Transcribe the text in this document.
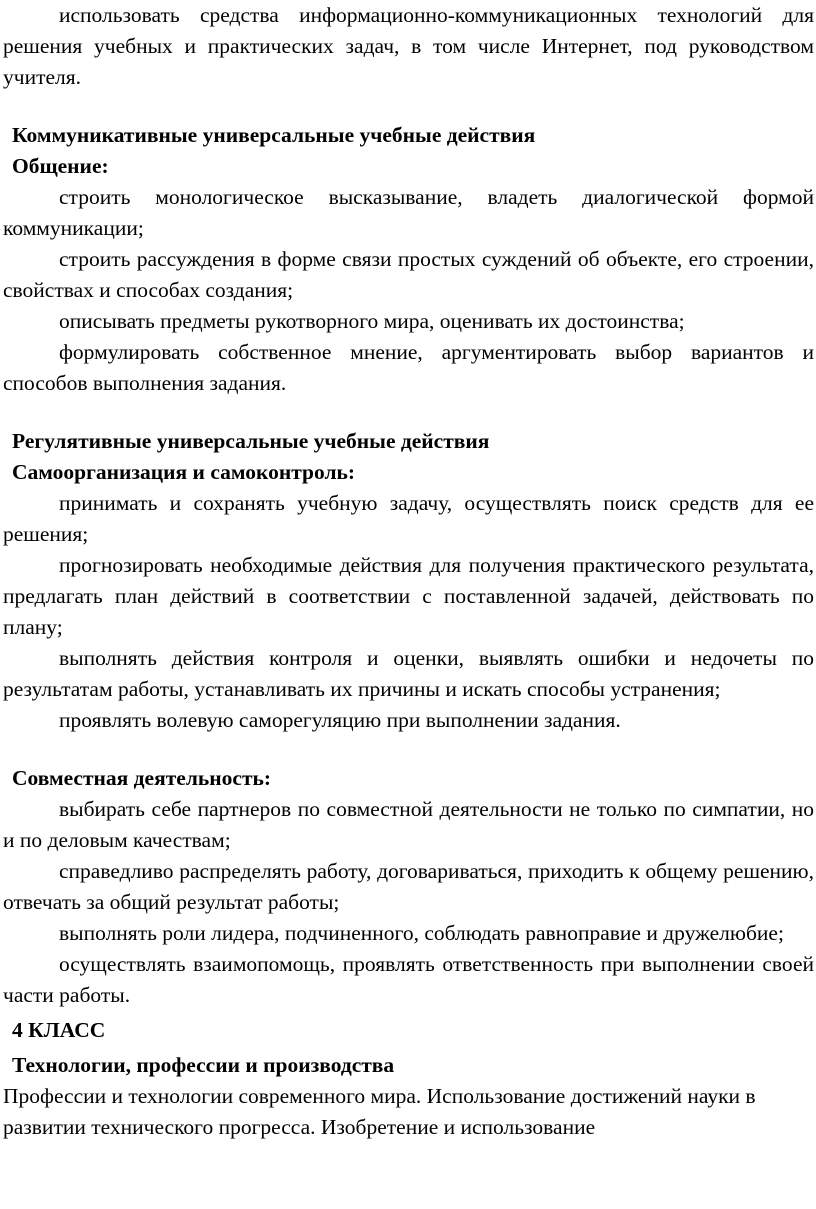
использовать средства информационно-коммуникационных технологий для решения учебных и практических задач, в том числе Интернет, под руководством учителя.

Коммуникативные универсальные учебные действия

Общение:

строить монологическое высказывание, владеть диалогической формой коммуникации;

строить рассуждения в форме связи простых суждений об объекте, его строении, свойствах и способах создания;

описывать предметы рукотворного мира, оценивать их достоинства;

формулировать собственное мнение, аргументировать выбор вариантов и способов выполнения задания.

Регулятивные универсальные учебные действия

Самоорганизация и самоконтроль:

принимать и сохранять учебную задачу, осуществлять поиск средств для ее решения;

прогнозировать необходимые действия для получения практического результата, предлагать план действий в соответствии с поставленной задачей, действовать по плану;

выполнять действия контроля и оценки, выявлять ошибки и недочеты по результатам работы, устанавливать их причины и искать способы устранения;

проявлять волевую саморегуляцию при выполнении задания.

Совместная деятельность:

выбирать себе партнеров по совместной деятельности не только по симпатии, но и по деловым качествам;

справедливо распределять работу, договариваться, приходить к общему решению, отвечать за общий результат работы;

выполнять роли лидера, подчиненного, соблюдать равноправие и дружелюбие;

осуществлять взаимопомощь, проявлять ответственность при выполнении своей части работы.

4 КЛАСС

Технологии, профессии и производства

Профессии и технологии современного мира. Использование достижений науки в развитии технического прогресса. Изобретение и использование
